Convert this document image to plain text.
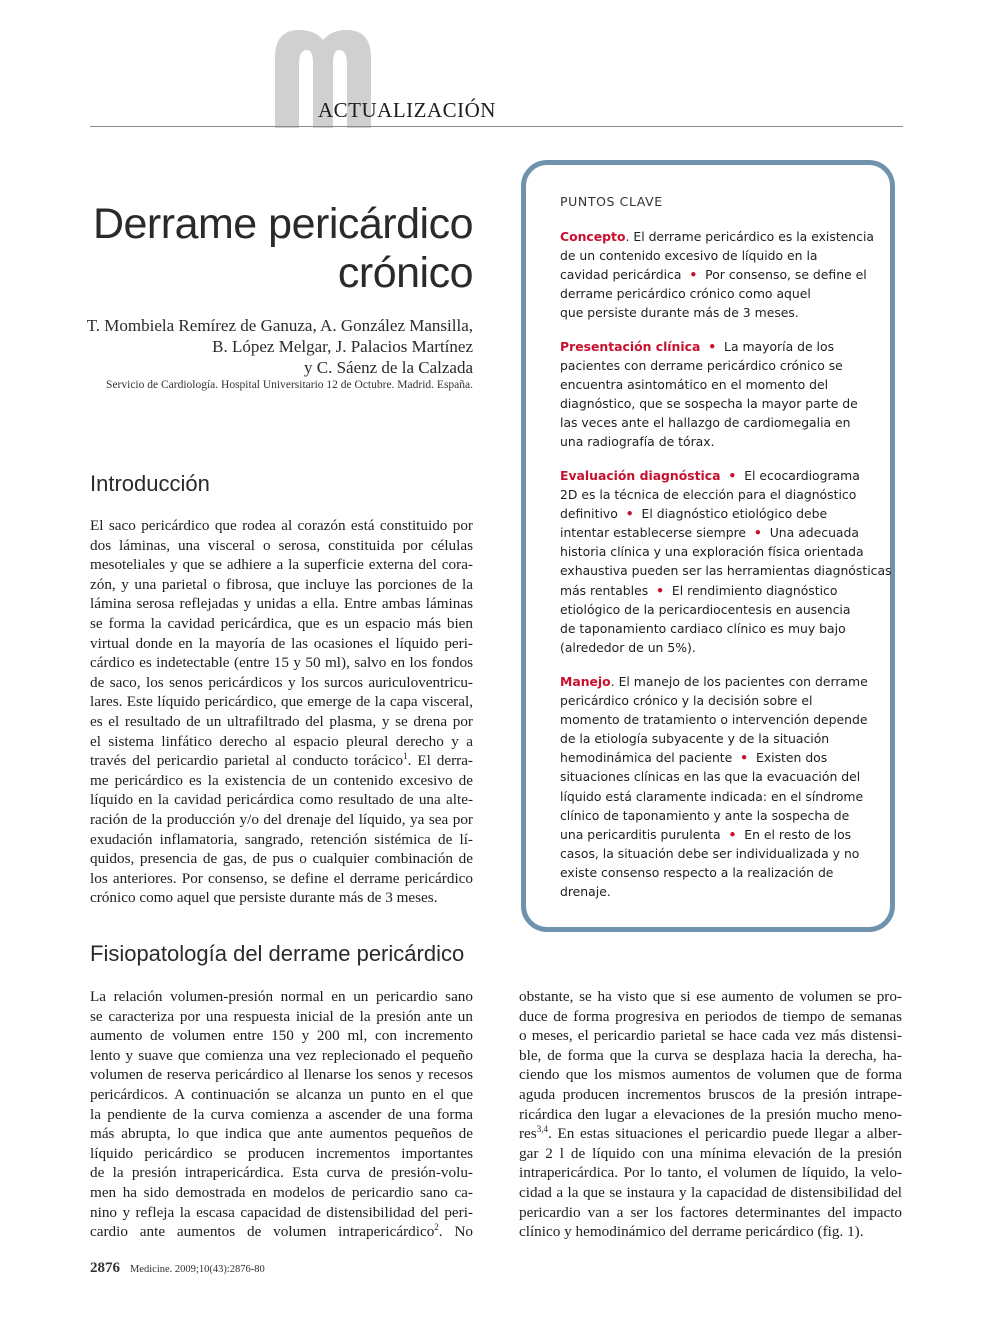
ACTUALIZACIÓN
Derrame pericárdico
crónico
T. Mombiela Remírez de Ganuza, A. González Mansilla,
B. López Melgar, J. Palacios Martínez
y C. Sáenz de la Calzada
Servicio de Cardiología. Hospital Universitario 12 de Octubre. Madrid. España.
Introducción
El saco pericárdico que rodea al corazón está constituido por
dos láminas, una visceral o serosa, constituida por células
mesoteliales y que se adhiere a la superficie externa del cora-
zón, y una parietal o fibrosa, que incluye las porciones de la
lámina serosa reflejadas y unidas a ella. Entre ambas láminas
se forma la cavidad pericárdica, que es un espacio más bien
virtual donde en la mayoría de las ocasiones el líquido peri-
cárdico es indetectable (entre 15 y 50 ml), salvo en los fondos
de saco, los senos pericárdicos y los surcos auriculoventricu-
lares. Este líquido pericárdico, que emerge de la capa visceral,
es el resultado de un ultrafiltrado del plasma, y se drena por
el sistema linfático derecho al espacio pleural derecho y a
través del pericardio parietal al conducto torácico$^1$. El derra-
me pericárdico es la existencia de un contenido excesivo de
líquido en la cavidad pericárdica como resultado de una alte-
ración de la producción y/o del drenaje del líquido, ya sea por
exudación inflamatoria, sangrado, retención sistémica de lí-
quidos, presencia de gas, de pus o cualquier combinación de
los anteriores. Por consenso, se define el derrame pericárdico
crónico como aquel que persiste durante más de 3 meses.
Fisiopatología del derrame pericárdico
La relación volumen-presión normal en un pericardio sano
se caracteriza por una respuesta inicial de la presión ante un
aumento de volumen entre 150 y 200 ml, con incremento
lento y suave que comienza una vez replecionado el pequeño
volumen de reserva pericárdico al llenarse los senos y recesos
pericárdicos. A continuación se alcanza un punto en el que
la pendiente de la curva comienza a ascender de una forma
más abrupta, lo que indica que ante aumentos pequeños de
líquido pericárdico se producen incrementos importantes
de la presión intrapericárdica. Esta curva de presión-volu-
men ha sido demostrada en modelos de pericardio sano ca-
nino y refleja la escasa capacidad de distensibilidad del peri-
cardio ante aumentos de volumen intrapericárdico$^2$. No
obstante, se ha visto que si ese aumento de volumen se pro-
duce de forma progresiva en periodos de tiempo de semanas
o meses, el pericardio parietal se hace cada vez más distensi-
ble, de forma que la curva se desplaza hacia la derecha, ha-
ciendo que los mismos aumentos de volumen que de forma
aguda producen incrementos bruscos de la presión intrape-
ricárdica den lugar a elevaciones de la presión mucho meno-
res$^{3,4}$. En estas situaciones el pericardio puede llegar a alber-
gar 2 l de líquido con una mínima elevación de la presión
intrapericárdica. Por lo tanto, el volumen de líquido, la velo-
cidad a la que se instaura y la capacidad de distensibilidad del
pericardio van a ser los factores determinantes del impacto
clínico y hemodinámico del derrame pericárdico (fig. 1).
PUNTOS CLAVE
Concepto. El derrame pericárdico es la existencia
de un contenido excesivo de líquido en la
cavidad pericárdica • Por consenso, se define el
derrame pericárdico crónico como aquel
que persiste durante más de 3 meses.
Presentación clínica • La mayoría de los
pacientes con derrame pericárdico crónico se
encuentra asintomático en el momento del
diagnóstico, que se sospecha la mayor parte de
las veces ante el hallazgo de cardiomegalia en
una radiografía de tórax.
Evaluación diagnóstica • El ecocardiograma
2D es la técnica de elección para el diagnóstico
definitivo • El diagnóstico etiológico debe
intentar establecerse siempre • Una adecuada
historia clínica y una exploración física orientada
exhaustiva pueden ser las herramientas diagnósticas
más rentables • El rendimiento diagnóstico
etiológico de la pericardiocentesis en ausencia
de taponamiento cardiaco clínico es muy bajo
(alrededor de un 5%).
Manejo. El manejo de los pacientes con derrame
pericárdico crónico y la decisión sobre el
momento de tratamiento o intervención depende
de la etiología subyacente y de la situación
hemodinámica del paciente • Existen dos
situaciones clínicas en las que la evacuación del
líquido está claramente indicada: en el síndrome
clínico de taponamiento y ante la sospecha de
una pericarditis purulenta • En el resto de los
casos, la situación debe ser individualizada y no
existe consenso respecto a la realización de
drenaje.
2876 Medicine. 2009;10(43):2876-80
